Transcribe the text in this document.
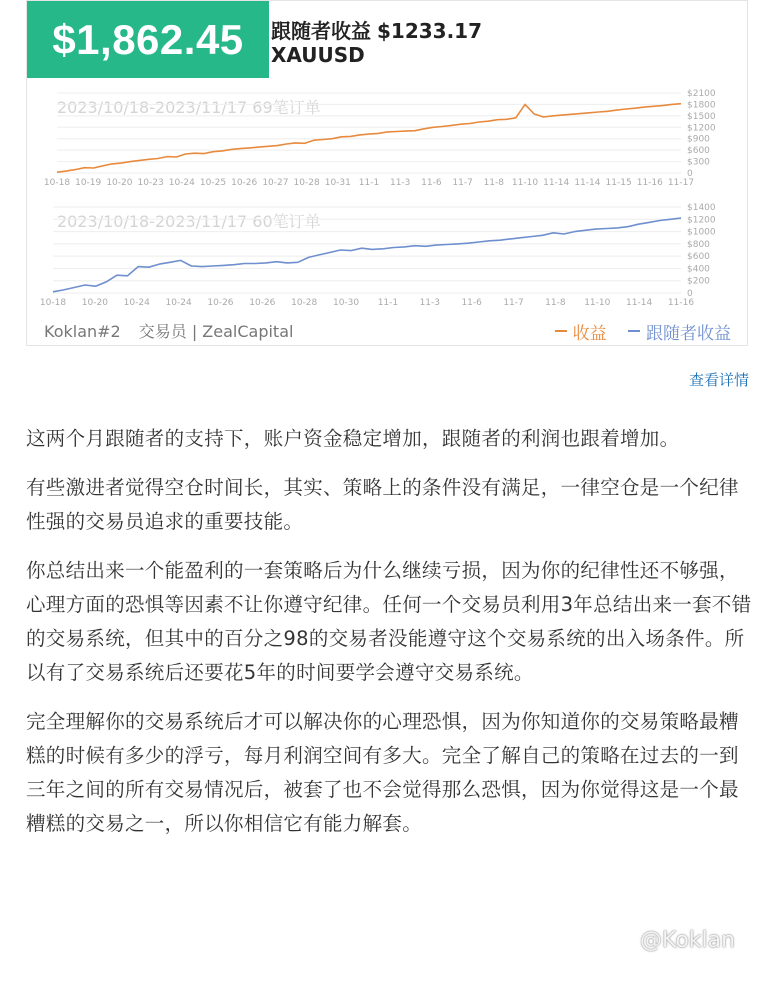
$1,862.45	跟随者收益 $1233.17
XAUUSD
2023/10/18-2023/11/17 69笔订单
0
$300
$600
$900
$1200
$1500
$1800
$2100
10-18 10-19 10-20 10-23 10-24 10-25 10-26 10-27 10-28 10-31 11-1 11-3 11-6 11-7 11-8 11-10 11-14 11-14 11-15 11-16 11-17
2023/10/18-2023/11/17 60笔订单
0
$200
$400
$600
$800
$1000
$1200
$1400
10-18 10-20 10-24 10-24 10-26 10-26 10-28 10-30 11-1 11-3 11-6 11-7 11-8 11-10 11-14 11-16
Koklan#2 交易员 | ZealCapital	收益
跟随者收益
查看详情

这两个月跟随者的支持下，账户资金稳定增加，跟随者的利润也跟着增加。

有些激进者觉得空仓时间长，其实、策略上的条件没有满足，一律空仓是一个纪律性强的交易员追求的重要技能。

你总结出来一个能盈利的一套策略后为什么继续亏损，因为你的纪律性还不够强，心理方面的恐惧等因素不让你遵守纪律。任何一个交易员利用3年总结出来一套不错的交易系统，但其中的百分之98的交易者没能遵守这个交易系统的出入场条件。所以有了交易系统后还要花5年的时间要学会遵守交易系统。

完全理解你的交易系统后才可以解决你的心理恐惧，因为你知道你的交易策略最糟糕的时候有多少的浮亏，每月利润空间有多大。完全了解自己的策略在过去的一到三年之间的所有交易情况后，被套了也不会觉得那么恐惧，因为你觉得这是一个最糟糕的交易之一，所以你相信它有能力解套。

@Koklan
